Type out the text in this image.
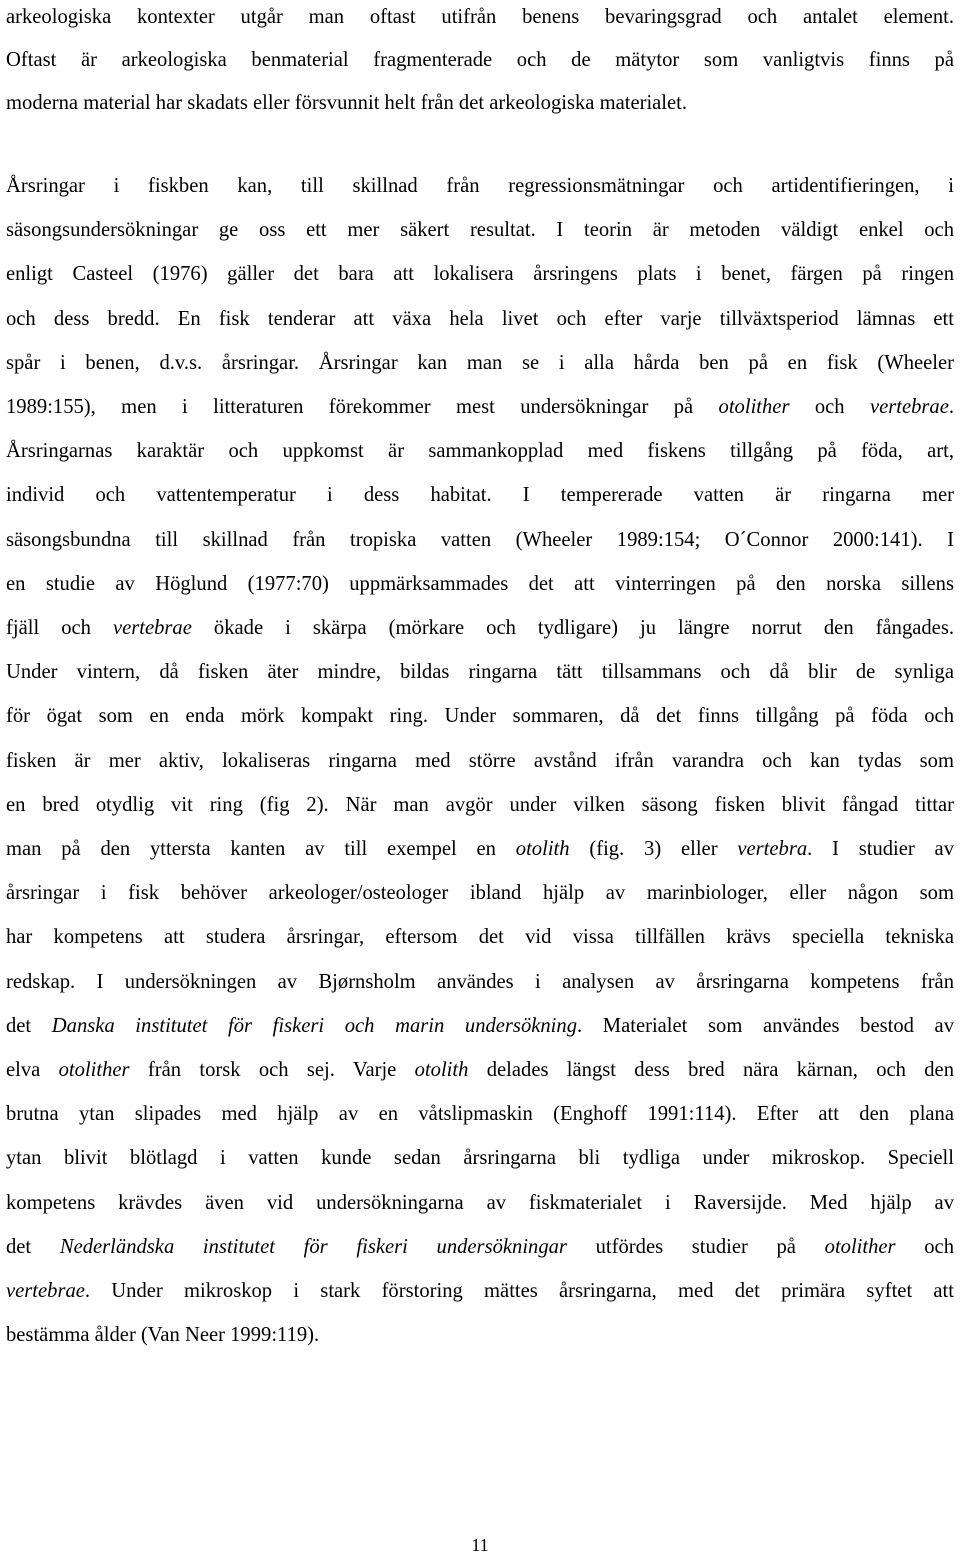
arkeologiska kontexter utgår man oftast utifrån benens bevaringsgrad och antalet element.
Oftast är arkeologiska benmaterial fragmenterade och de mätytor som vanligtvis finns på
moderna material har skadats eller försvunnit helt från det arkeologiska materialet.

Årsringar i fiskben kan, till skillnad från regressionsmätningar och artidentifieringen, i
säsongsundersökningar ge oss ett mer säkert resultat. I teorin är metoden väldigt enkel och
enligt Casteel (1976) gäller det bara att lokalisera årsringens plats i benet, färgen på ringen
och dess bredd. En fisk tenderar att växa hela livet och efter varje tillväxtsperiod lämnas ett
spår i benen, d.v.s. årsringar. Årsringar kan man se i alla hårda ben på en fisk (Wheeler
1989:155), men i litteraturen förekommer mest undersökningar på otolither och vertebrae.
Årsringarnas karaktär och uppkomst är sammankopplad med fiskens tillgång på föda, art,
individ och vattentemperatur i dess habitat. I tempererade vatten är ringarna mer
säsongsbundna till skillnad från tropiska vatten (Wheeler 1989:154; O´Connor 2000:141). I
en studie av Höglund (1977:70) uppmärksammades det att vinterringen på den norska sillens
fjäll och vertebrae ökade i skärpa (mörkare och tydligare) ju längre norrut den fångades.
Under vintern, då fisken äter mindre, bildas ringarna tätt tillsammans och då blir de synliga
för ögat som en enda mörk kompakt ring. Under sommaren, då det finns tillgång på föda och
fisken är mer aktiv, lokaliseras ringarna med större avstånd ifrån varandra och kan tydas som
en bred otydlig vit ring (fig 2). När man avgör under vilken säsong fisken blivit fångad tittar
man på den yttersta kanten av till exempel en otolith (fig. 3) eller vertebra. I studier av
årsringar i fisk behöver arkeologer/osteologer ibland hjälp av marinbiologer, eller någon som
har kompetens att studera årsringar, eftersom det vid vissa tillfällen krävs speciella tekniska
redskap. I undersökningen av Bjørnsholm användes i analysen av årsringarna kompetens från
det Danska institutet för fiskeri och marin undersökning. Materialet som användes bestod av
elva otolither från torsk och sej. Varje otolith delades längst dess bred nära kärnan, och den
brutna ytan slipades med hjälp av en våtslipmaskin (Enghoff 1991:114). Efter att den plana
ytan blivit blötlagd i vatten kunde sedan årsringarna bli tydliga under mikroskop. Speciell
kompetens krävdes även vid undersökningarna av fiskmaterialet i Raversijde. Med hjälp av
det Nederländska institutet för fiskeri undersökningar utfördes studier på otolither och
vertebrae. Under mikroskop i stark förstoring mättes årsringarna, med det primära syftet att
bestämma ålder (Van Neer 1999:119).

11
